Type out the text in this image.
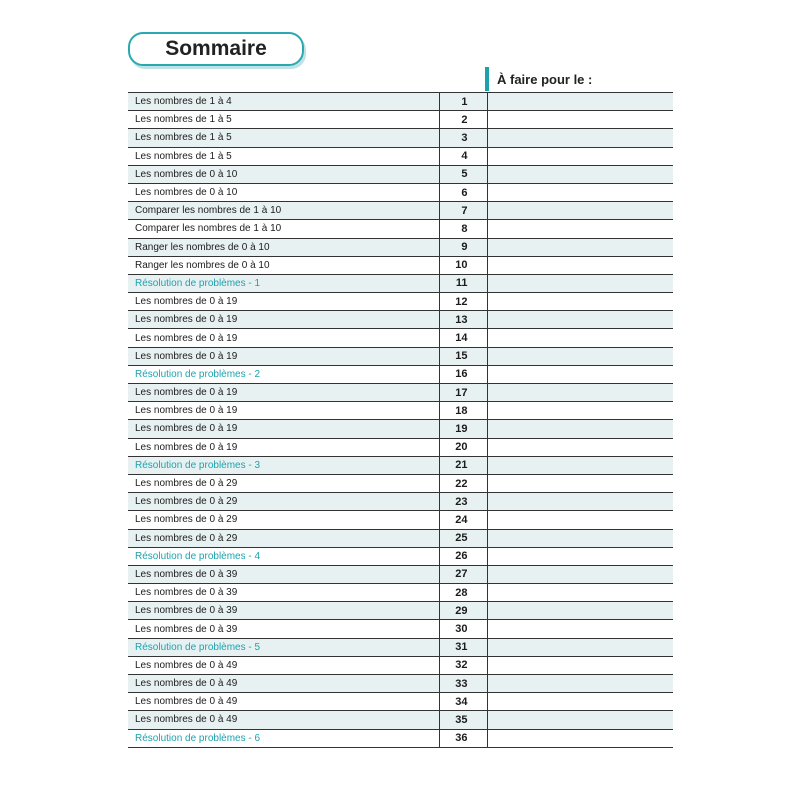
Sommaire
À faire pour le :
Les nombres de 1 à 4	1	
Les nombres de 1 à 5	2	
Les nombres de 1 à 5	3	
Les nombres de 1 à 5	4	
Les nombres de 0 à 10	5	
Les nombres de 0 à 10	6	
Comparer les nombres de 1 à 10	7	
Comparer les nombres de 1 à 10	8	
Ranger les nombres de 0 à 10	9	
Ranger les nombres de 0 à 10	10	
Résolution de problèmes - 1	11	
Les nombres de 0 à 19	12	
Les nombres de 0 à 19	13	
Les nombres de 0 à 19	14	
Les nombres de 0 à 19	15	
Résolution de problèmes - 2	16	
Les nombres de 0 à 19	17	
Les nombres de 0 à 19	18	
Les nombres de 0 à 19	19	
Les nombres de 0 à 19	20	
Résolution de problèmes - 3	21	
Les nombres de 0 à 29	22	
Les nombres de 0 à 29	23	
Les nombres de 0 à 29	24	
Les nombres de 0 à 29	25	
Résolution de problèmes - 4	26	
Les nombres de 0 à 39	27	
Les nombres de 0 à 39	28	
Les nombres de 0 à 39	29	
Les nombres de 0 à 39	30	
Résolution de problèmes - 5	31	
Les nombres de 0 à 49	32	
Les nombres de 0 à 49	33	
Les nombres de 0 à 49	34	
Les nombres de 0 à 49	35	
Résolution de problèmes - 6	36	
